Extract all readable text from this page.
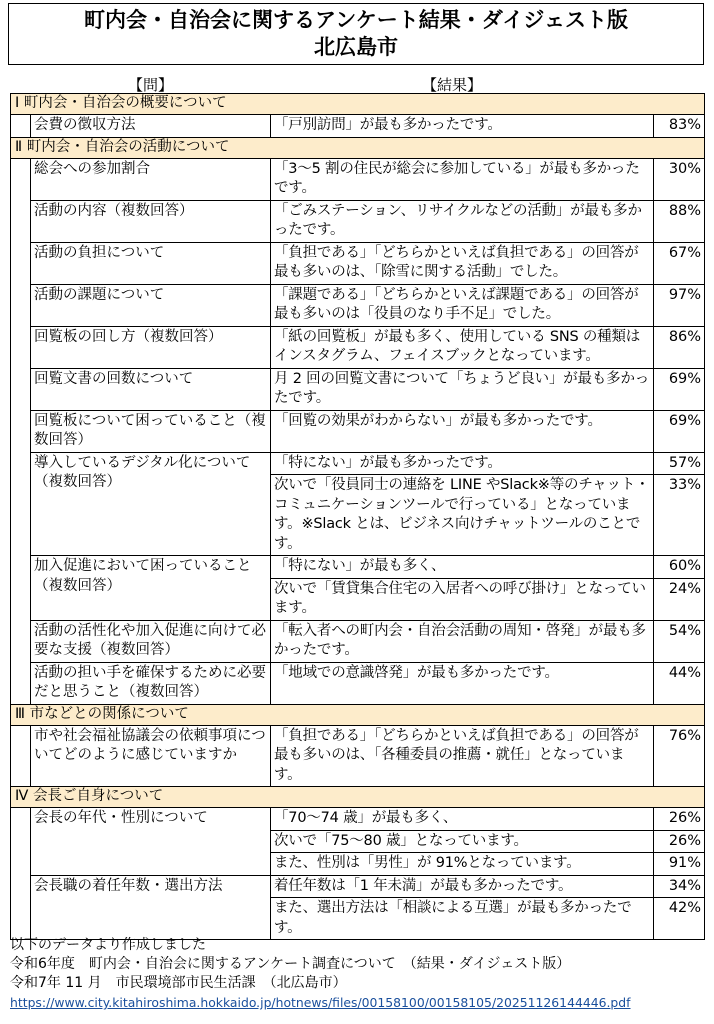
町内会・自治会に関するアンケート結果・ダイジェスト版
北広島市
【問】	【結果】
Ⅰ 町内会・自治会の概要について			
	会費の徴収方法	「戸別訪問」が最も多かったです。	83%
Ⅱ 町内会・自治会の活動について			
	総会への参加割合	「3～5 割の住民が総会に参加している」が最も多かったです。	30%
	活動の内容（複数回答）	「ごみステーション、リサイクルなどの活動」が最も多かったです。	88%
	活動の負担について	「負担である」「どちらかといえば負担である」の回答が最も多いのは、「除雪に関する活動」でした。	67%
	活動の課題について	「課題である」「どちらかといえば課題である」の回答が最も多いのは「役員のなり手不足」でした。	97%
	回覧板の回し方（複数回答）	「紙の回覧板」が最も多く、使用している SNS の種類はインスタグラム、フェイスブックとなっています。	86%
	回覧文書の回数について	月 2 回の回覧文書について「ちょうど良い」が最も多かったです。	69%
	回覧板について困っていること（複数回答）	「回覧の効果がわからない」が最も多かったです。	69%
	導入しているデジタル化について（複数回答）	「特にない」が最も多かったです。	57%
		次いで「役員同士の連絡を LINE やSlack※等のチャット・コミュニケーションツールで行っている」となっています。※Slack とは、ビジネス向けチャットツールのことです。	33%
	加入促進において困っていること（複数回答）	「特にない」が最も多く、	60%
		次いで「賃貸集合住宅の入居者への呼び掛け」となっています。	24%
	活動の活性化や加入促進に向けて必要な支援（複数回答）	「転入者への町内会・自治会活動の周知・啓発」が最も多かったです。	54%
	活動の担い手を確保するために必要だと思うこと（複数回答）	「地域での意識啓発」が最も多かったです。	44%
Ⅲ 市などとの関係について			
	市や社会福祉協議会の依頼事項についてどのように感じていますか	「負担である」「どちらかといえば負担である」の回答が最も多いのは、「各種委員の推薦・就任」となっています。	76%
Ⅳ 会長ご自身について			
	会長の年代・性別について	「70～74 歳」が最も多く、	26%
		次いで「75～80 歳」となっています。	26%
		また、性別は「男性」が 91%となっています。	91%
	会長職の着任年数・選出方法	着任年数は「1 年未満」が最も多かったです。	34%
		また、選出方法は「相談による互選」が最も多かったです。	42%
以下のデータより作成しました
令和6年度　町内会・自治会に関するアンケート調査について　（結果・ダイジェスト版）
令和7年 11 月　市民環境部市民生活課　（北広島市）
https://www.city.kitahiroshima.hokkaido.jp/hotnews/files/00158100/00158105/20251126144446.pdf
